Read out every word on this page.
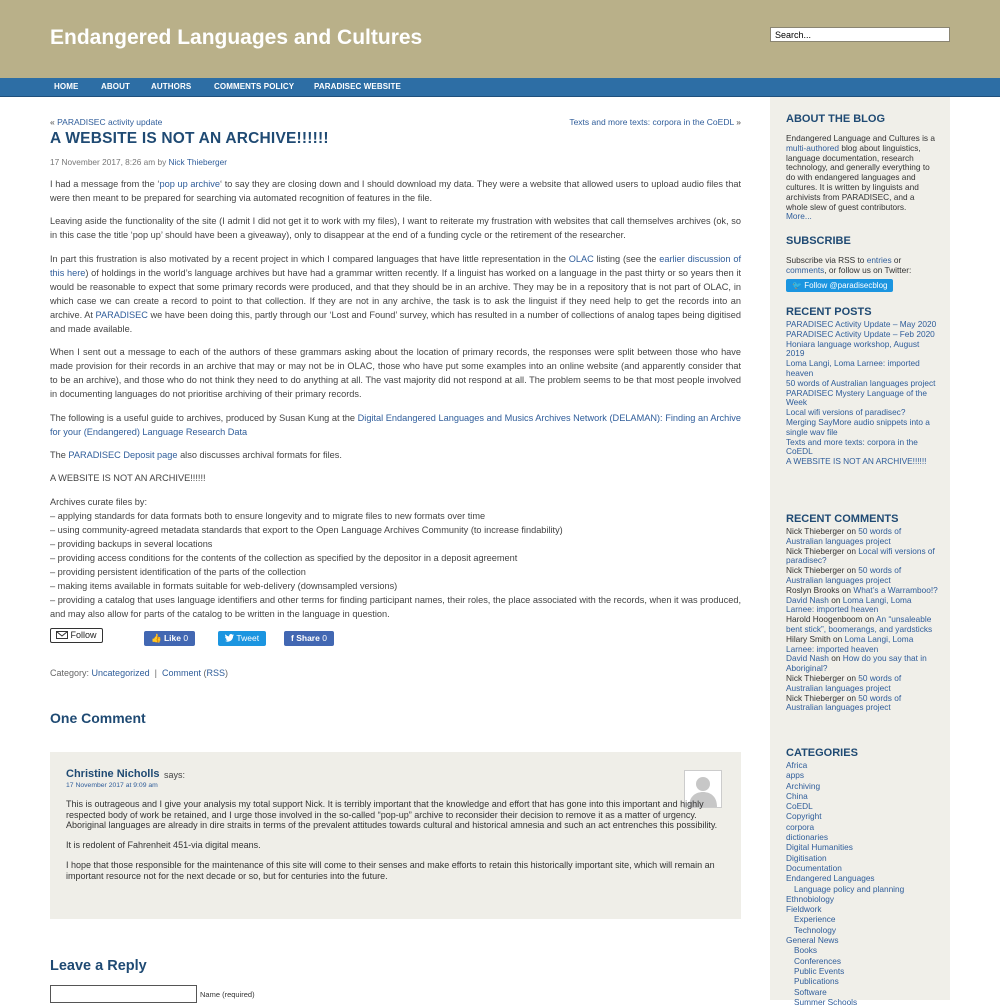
Endangered Languages and Cultures
Search...
HOME	ABOUT	AUTHORS	COMMENTS POLICY PARADISEC WEBSITE
« PARADISEC activity update	Texts and more texts: corpora in the CoEDL »
A WEBSITE IS NOT AN ARCHIVE!!!!!!
17 November 2017, 8:26 am by Nick Thieberger

I had a message from the ‘pop up archive‘ to say they are closing down and I should download my data. They were a website that allowed users to upload audio files that were then meant to be prepared for searching via automated recognition of features in the file.

Leaving aside the functionality of the site (I admit I did not get it to work with my files), I want to reiterate my frustration with websites that call themselves archives (ok, so in this case the title ‘pop up’ should have been a giveaway), only to disappear at the end of a funding cycle or the retirement of the researcher.

In part this frustration is also motivated by a recent project in which I compared languages that have little representation in the OLAC listing (see the earlier discussion of this here) of holdings in the world’s language archives but have had a grammar written recently. If a linguist has worked on a language in the past thirty or so years then it would be reasonable to expect that some primary records were produced, and that they should be in an archive. They may be in a repository that is not part of OLAC, in which case we can create a record to point to that collection. If they are not in any archive, the task is to ask the linguist if they need help to get the records into an archive. At PARADISEC we have been doing this, partly through our ‘Lost and Found’ survey, which has resulted in a number of collections of analog tapes being digitised and made available.

When I sent out a message to each of the authors of these grammars asking about the location of primary records, the responses were split between those who have made provision for their records in an archive that may or may not be in OLAC, those who have put some examples into an online website (and apparently consider that to be an archive), and those who do not think they need to do anything at all. The vast majority did not respond at all. The problem seems to be that most people involved in documenting languages do not prioritise archiving of their primary records.

The following is a useful guide to archives, produced by Susan Kung at the Digital Endangered Languages and Musics Archives Network (DELAMAN): Finding an Archive for your (Endangered) Language Research Data

The PARADISEC Deposit page also discusses archival formats for files.

A WEBSITE IS NOT AN ARCHIVE!!!!!!

Archives curate files by:
– applying standards for data formats both to ensure longevity and to migrate files to new formats over time
– using community-agreed metadata standards that export to the Open Language Archives Community (to increase findability)
– providing backups in several locations
– providing access conditions for the contents of the collection as specified by the depositor in a deposit agreement
– providing persistent identification of the parts of the collection
– making items available in formats suitable for web-delivery (downsampled versions)
– providing a catalog that uses language identifiers and other terms for finding participant names, their roles, the place associated with the records, when it was produced, and may also allow for parts of the catalog to be written in the language in question.

Follow	👍 Like 0	Tweet	f Share 0
Category: Uncategorized | Comment (RSS)
One Comment
Christine Nicholls says:
17 November 2017 at 9:09 am

This is outrageous and I give your analysis my total support Nick. It is terribly important that the knowledge and effort that has gone into this important and highly respected body of work be retained, and I urge those involved in the so-called “pop-up” archive to reconsider their decision to remove it as a matter of urgency. Aboriginal languages are already in dire straits in terms of the prevalent attitudes towards cultural and historical amnesia and such an act entrenches this possibility.

It is redolent of Fahrenheit 451-via digital means.

I hope that those responsible for the maintenance of this site will come to their senses and make efforts to retain this historically important site, which will remain an important resource not for the next decade or so, but for centuries into the future.

Leave a Reply
Name (required)
ABOUT THE BLOG
Endangered Language and Cultures is a multi-authored blog about linguistics, language documentation, research technology, and generally everything to do with endangered languages and cultures. It is written by linguists and archivists from PARADISEC, and a whole slew of guest contributors.
More...
SUBSCRIBE
Subscribe via RSS to entries or comments, or follow us on Twitter:
🐦 Follow @paradisecblog
RECENT POSTS
PARADISEC Activity Update – May 2020
PARADISEC Activity Update – Feb 2020
Honiara language workshop, August 2019
Loma Langi, Loma Larnee: imported heaven
50 words of Australian languages project
PARADISEC Mystery Language of the Week
Local wifi versions of paradisec?
Merging SayMore audio snippets into a single wav file
Texts and more texts: corpora in the CoEDL
A WEBSITE IS NOT AN ARCHIVE!!!!!!
RECENT COMMENTS
Nick Thieberger on 50 words of Australian languages project
Nick Thieberger on Local wifi versions of paradisec?
Nick Thieberger on 50 words of Australian languages project
Roslyn Brooks on What’s a Warramboo!?
David Nash on Loma Langi, Loma Larnee: imported heaven
Harold Hoogenboom on An “unsaleable bent stick”, boomerangs, and yardsticks
Hilary Smith on Loma Langi, Loma Larnee: imported heaven
David Nash on How do you say that in Aboriginal?
Nick Thieberger on 50 words of Australian languages project
Nick Thieberger on 50 words of Australian languages project
CATEGORIES
Africa
apps
Archiving
China
CoEDL
Copyright
corpora
dictionaries
Digital Humanities
Digitisation
Documentation
Endangered Languages
Language policy and planning
Ethnobiology
Fieldwork
Experience
Technology
General News
Books
Conferences
Public Events
Publications
Software
Summer Schools
